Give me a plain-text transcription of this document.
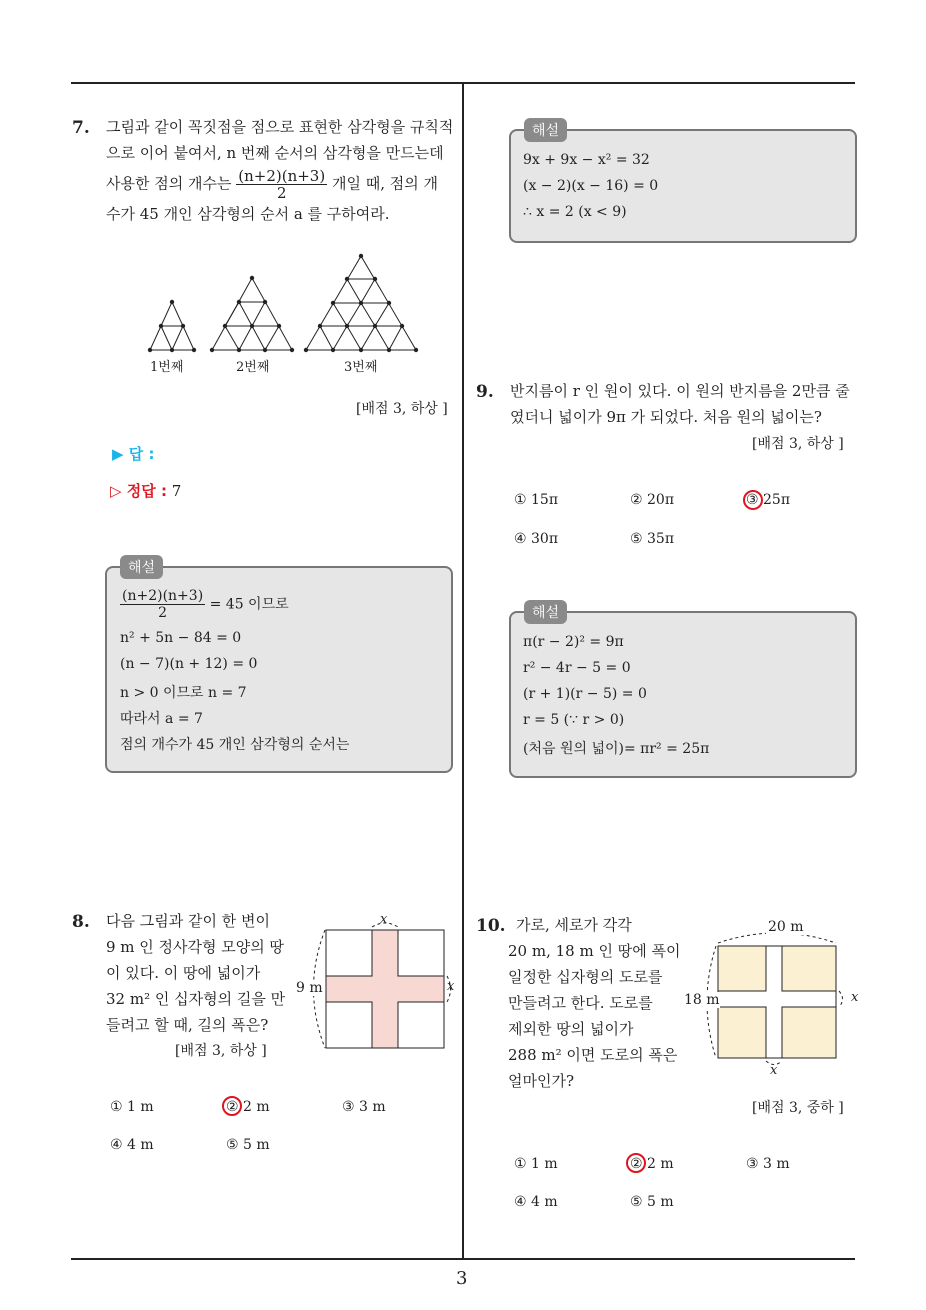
3
7. 그림과 같이 꼭짓점을 점으로 표현한 삼각형을 규칙적
으로 이어 붙여서, n 번째 순서의 삼각형을 만드는데
사용한 점의 개수는 $\frac{(n+2)(n+3)}{2}$ 개일 때, 점의 개
수가 45 개인 삼각형의 순서 a 를 구하여라.
1번째	2번째	3번째
[배점 3, 하상 ]
▶ 답 :
▷ 정답 : 7
해설
$\frac{(n+2)(n+3)}{2} = 45$ 이므로
n² + 5n − 84 = 0
(n − 7)(n + 12) = 0
n > 0 이므로 n = 7
따라서 a = 7
점의 개수가 45 개인 삼각형의 순서는
해설
9x + 9x − x² = 32
(x − 2)(x − 16) = 0
∴ x = 2 (x < 9)
9. 반지름이 r 인 원이 있다. 이 원의 반지름을 2만큼 줄
였더니 넓이가 9π 가 되었다. 처음 원의 넓이는?
[배점 3, 하상 ]
① 15π	② 20π	③ 25π
④ 30π	⑤ 35π
해설
π(r − 2)² = 9π
r² − 4r − 5 = 0
(r + 1)(r − 5) = 0
r = 5 (∵ r > 0)
(처음 원의 넓이)= πr² = 25π
8. 다음 그림과 같이 한 변이
9 m 인 정사각형 모양의 땅
이 있다. 이 땅에 넓이가
32 m² 인 십자형의 길을 만
들려고 할 때, 길의 폭은?
[배점 3, 하상 ]
9 m
x
x
① 1 m	② 2 m	③ 3 m
④ 4 m	⑤ 5 m
10. 가로, 세로가 각각
20 m, 18 m 인 땅에 폭이
일정한 십자형의 도로를
만들려고 한다. 도로를
제외한 땅의 넓이가
288 m² 이면 도로의 폭은
얼마인가?
20 m
18 m	x
x
[배점 3, 중하 ]
① 1 m	② 2 m	③ 3 m
④ 4 m	⑤ 5 m
